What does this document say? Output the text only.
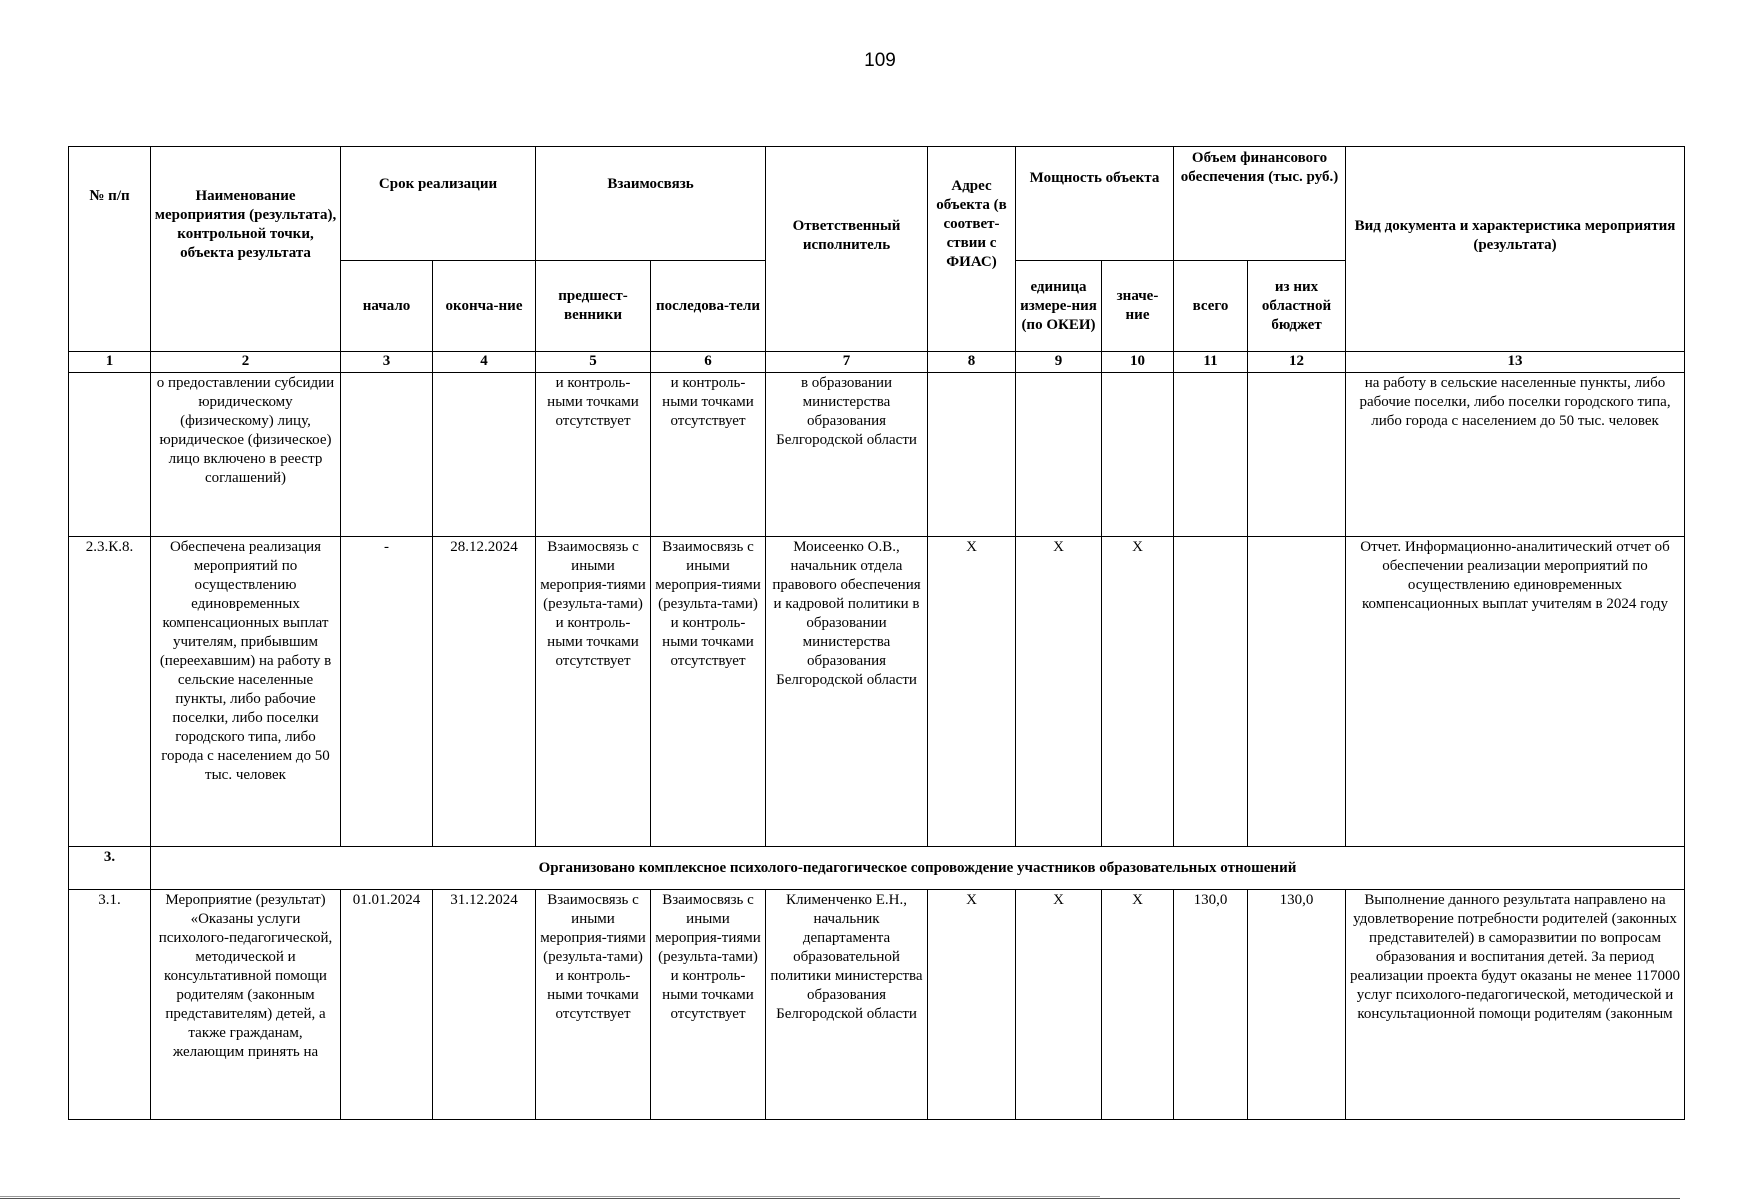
109
№ п/п	Наименование мероприятия (результата), контрольной точки, объекта результата	Срок реализации		Взаимосвязь		Ответственный исполнитель	Адрес объекта (в соответ-ствии с ФИАС)	Мощность объекта		Объем финансового обеспечения (тыс. руб.)		Вид документа и характеристика мероприятия (результата)
		начало	оконча-ние	предшест-венники	последова-тели			единица измере-ния (по ОКЕИ)	значе-ние	всего	из них областной бюджет	
1	2	3	4	5	6	7	8	9	10	11	12	13
	о предоставлении субсидии юридическому (физическому) лицу, юридическое (физическое) лицо включено в реестр соглашений)			и контроль-ными точками отсутствует	и контроль-ными точками отсутствует	в образовании министерства образования Белгородской области						на работу в сельские населенные пункты, либо рабочие поселки, либо поселки городского типа, либо города с населением до 50 тыс. человек
2.3.К.8.	Обеспечена реализация мероприятий по осуществлению единовременных компенсационных выплат учителям, прибывшим (переехавшим) на работу в сельские населенные пункты, либо рабочие поселки, либо поселки городского типа, либо города с населением до 50 тыс. человек	-	28.12.2024	Взаимосвязь с иными мероприя-тиями (результа-тами) и контроль-ными точками отсутствует	Взаимосвязь с иными мероприя-тиями (результа-тами) и контроль-ными точками отсутствует	Моисеенко О.В., начальник отдела правового обеспечения и кадровой политики в образовании министерства образования Белгородской области	X	X	X			Отчет. Информационно-аналитический отчет об обеспечении реализации мероприятий по осуществлению единовременных компенсационных выплат учителям в 2024 году
3.	Организовано комплексное психолого-педагогическое сопровождение участников образовательных отношений											
3.1.	Мероприятие (результат) «Оказаны услуги психолого-педагогической, методической и консультативной помощи родителям (законным представителям) детей, а также гражданам, желающим принять на	01.01.2024	31.12.2024	Взаимосвязь с иными мероприя-тиями (результа-тами) и контроль-ными точками отсутствует	Взаимосвязь с иными мероприя-тиями (результа-тами) и контроль-ными точками отсутствует	Клименченко Е.Н., начальник департамента образовательной политики министерства образования Белгородской области	X	X	X	130,0	130,0	Выполнение данного результата направлено на удовлетворение потребности родителей (законных представителей) в саморазвитии по вопросам образования и воспитания детей. За период реализации проекта будут оказаны не менее 117000 услуг психолого-педагогической, методической и консультационной помощи родителям (законным
